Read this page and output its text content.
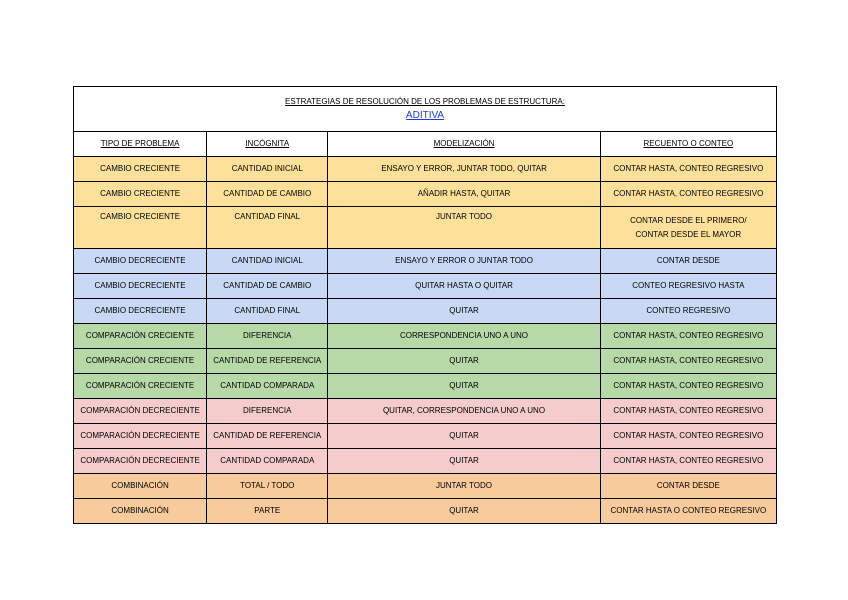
ESTRATEGIAS DE RESOLUCIÓN DE LOS PROBLEMAS DE ESTRUCTURA:
ADITIVA			
TIPO DE PROBLEMA	INCÓGNITA	MODELIZACIÓN	RECUENTO O CONTEO
CAMBIO CRECIENTE	CANTIDAD INICIAL	ENSAYO Y ERROR, JUNTAR TODO, QUITAR	CONTAR HASTA, CONTEO REGRESIVO
CAMBIO CRECIENTE	CANTIDAD DE CAMBIO	AÑADIR HASTA, QUITAR	CONTAR HASTA, CONTEO REGRESIVO
CAMBIO CRECIENTE	CANTIDAD FINAL	JUNTAR TODO	CONTAR DESDE EL PRIMERO/ CONTAR DESDE EL MAYOR
CAMBIO DECRECIENTE	CANTIDAD INICIAL	ENSAYO Y ERROR O JUNTAR TODO	CONTAR DESDE
CAMBIO DECRECIENTE	CANTIDAD DE CAMBIO	QUITAR HASTA O QUITAR	CONTEO REGRESIVO HASTA
CAMBIO DECRECIENTE	CANTIDAD FINAL	QUITAR	CONTEO REGRESIVO
COMPARACIÓN CRECIENTE	DIFERENCIA	CORRESPONDENCIA UNO A UNO	CONTAR HASTA, CONTEO REGRESIVO
COMPARACIÓN CRECIENTE	CANTIDAD DE REFERENCIA	QUITAR	CONTAR HASTA, CONTEO REGRESIVO
COMPARACIÓN CRECIENTE	CANTIDAD COMPARADA	QUITAR	CONTAR HASTA, CONTEO REGRESIVO
COMPARACIÓN DECRECIENTE	DIFERENCIA	QUITAR, CORRESPONDENCIA UNO A UNO	CONTAR HASTA, CONTEO REGRESIVO
COMPARACIÓN DECRECIENTE	CANTIDAD DE REFERENCIA	QUITAR	CONTAR HASTA, CONTEO REGRESIVO
COMPARACIÓN DECRECIENTE	CANTIDAD COMPARADA	QUITAR	CONTAR HASTA, CONTEO REGRESIVO
COMBINACIÓN	TOTAL / TODO	JUNTAR TODO	CONTAR DESDE
COMBINACIÓN	PARTE	QUITAR	CONTAR HASTA O CONTEO REGRESIVO
